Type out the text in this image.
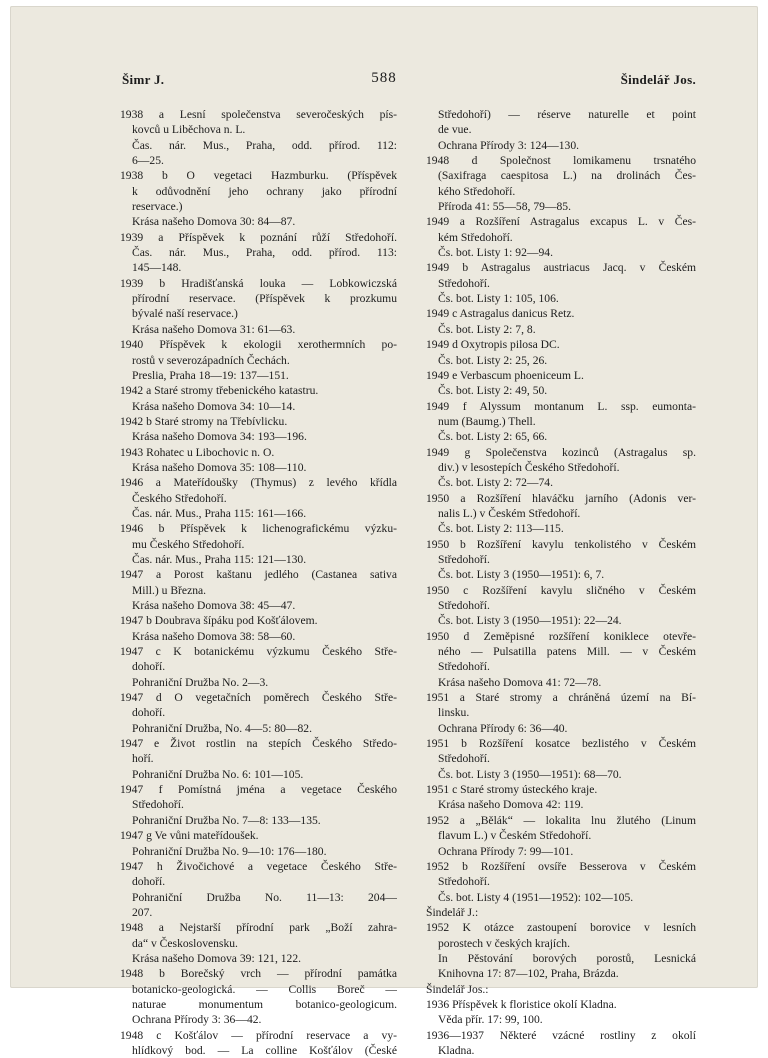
Šimr J.	588	Šindelář Jos.
1938 a Lesní společenstva severočeských pís-
kovců u Liběchova n. L.
Čas. nár. Mus., Praha, odd. přírod. 112:
6—25.
1938 b O vegetaci Hazmburku. (Příspěvek
k odůvodnění jeho ochrany jako přírodní
reservace.)
Krása našeho Domova 30: 84—87.
1939 a Příspěvek k poznání růží Středohoří.
Čas. nár. Mus., Praha, odd. přírod. 113:
145—148.
1939 b Hradišťanská louka — Lobkowiczská
přírodní reservace. (Příspěvek k prozkumu
bývalé naší reservace.)
Krása našeho Domova 31: 61—63.
1940 Příspěvek k ekologii xerothermních po-
rostů v severozápadních Čechách.
Preslia, Praha 18—19: 137—151.
1942 a Staré stromy třebenického katastru.
Krása našeho Domova 34: 10—14.
1942 b Staré stromy na Třebívlicku.
Krása našeho Domova 34: 193—196.
1943 Rohatec u Libochovic n. O.
Krása našeho Domova 35: 108—110.
1946 a Mateřídoušky (Thymus) z levého křídla
Českého Středohoří.
Čas. nár. Mus., Praha 115: 161—166.
1946 b Příspěvek k lichenografickému výzku-
mu Českého Středohoří.
Čas. nár. Mus., Praha 115: 121—130.
1947 a Porost kaštanu jedlého (Castanea sativa
Mill.) u Března.
Krása našeho Domova 38: 45—47.
1947 b Doubrava šípáku pod Košťálovem.
Krása našeho Domova 38: 58—60.
1947 c K botanickému výzkumu Českého Stře-
dohoří.
Pohraniční Družba No. 2—3.
1947 d O vegetačních poměrech Českého Stře-
dohoří.
Pohraniční Družba, No. 4—5: 80—82.
1947 e Život rostlin na stepích Českého Středo-
hoří.
Pohraniční Družba No. 6: 101—105.
1947 f Pomístná jména a vegetace Českého
Středohoří.
Pohraniční Družba No. 7—8: 133—135.
1947 g Ve vůni mateřídoušek.
Pohraniční Družba No. 9—10: 176—180.
1947 h Živočichové a vegetace Českého Stře-
dohoří.
Pohraniční Družba No. 11—13: 204—
207.
1948 a Nejstarší přírodní park „Boží zahra-
da“ v Československu.
Krása našeho Domova 39: 121, 122.
1948 b Borečský vrch — přírodní památka
botanicko-geologická. — Collis Boreč —
naturae monumentum botanico-geologicum.
Ochrana Přírody 3: 36—42.
1948 c Košťálov — přírodní reservace a vy-
hlídkový bod. — La colline Košťálov (České
Středohoří) — réserve naturelle et point
de vue.
Ochrana Přírody 3: 124—130.
1948 d Společnost lomikamenu trsnatého
(Saxifraga caespitosa L.) na drolinách Čes-
kého Středohoří.
Příroda 41: 55—58, 79—85.
1949 a Rozšíření Astragalus excapus L. v Čes-
kém Středohoří.
Čs. bot. Listy 1: 92—94.
1949 b Astragalus austriacus Jacq. v Českém
Středohoří.
Čs. bot. Listy 1: 105, 106.
1949 c Astragalus danicus Retz.
Čs. bot. Listy 2: 7, 8.
1949 d Oxytropis pilosa DC.
Čs. bot. Listy 2: 25, 26.
1949 e Verbascum phoeniceum L.
Čs. bot. Listy 2: 49, 50.
1949 f Alyssum montanum L. ssp. eumonta-
num (Baumg.) Thell.
Čs. bot. Listy 2: 65, 66.
1949 g Společenstva kozinců (Astragalus sp.
div.) v lesostepích Českého Středohoří.
Čs. bot. Listy 2: 72—74.
1950 a Rozšíření hlaváčku jarního (Adonis ver-
nalis L.) v Českém Středohoří.
Čs. bot. Listy 2: 113—115.
1950 b Rozšíření kavylu tenkolistého v Českém
Středohoří.
Čs. bot. Listy 3 (1950—1951): 6, 7.
1950 c Rozšíření kavylu sličného v Českém
Středohoří.
Čs. bot. Listy 3 (1950—1951): 22—24.
1950 d Zeměpisné rozšíření koniklece otevře-
ného — Pulsatilla patens Mill. — v Českém
Středohoří.
Krása našeho Domova 41: 72—78.
1951 a Staré stromy a chráněná území na Bí-
linsku.
Ochrana Přírody 6: 36—40.
1951 b Rozšíření kosatce bezlistého v Českém
Středohoří.
Čs. bot. Listy 3 (1950—1951): 68—70.
1951 c Staré stromy ústeckého kraje.
Krása našeho Domova 42: 119.
1952 a „Bělák“ — lokalita lnu žlutého (Linum
flavum L.) v Českém Středohoří.
Ochrana Přírody 7: 99—101.
1952 b Rozšíření ovsíře Besserova v Českém
Středohoří.
Čs. bot. Listy 4 (1951—1952): 102—105.
Šindelář J.:
1952 K otázce zastoupení borovice v lesních
porostech v českých krajích.
In Pěstování borových porostů, Lesnická
Knihovna 17: 87—102, Praha, Brázda.
Šindelář Jos.:
1936 Příspěvek k floristice okolí Kladna.
Věda přír. 17: 99, 100.
1936—1937 Některé vzácné rostliny z okolí
Kladna.
